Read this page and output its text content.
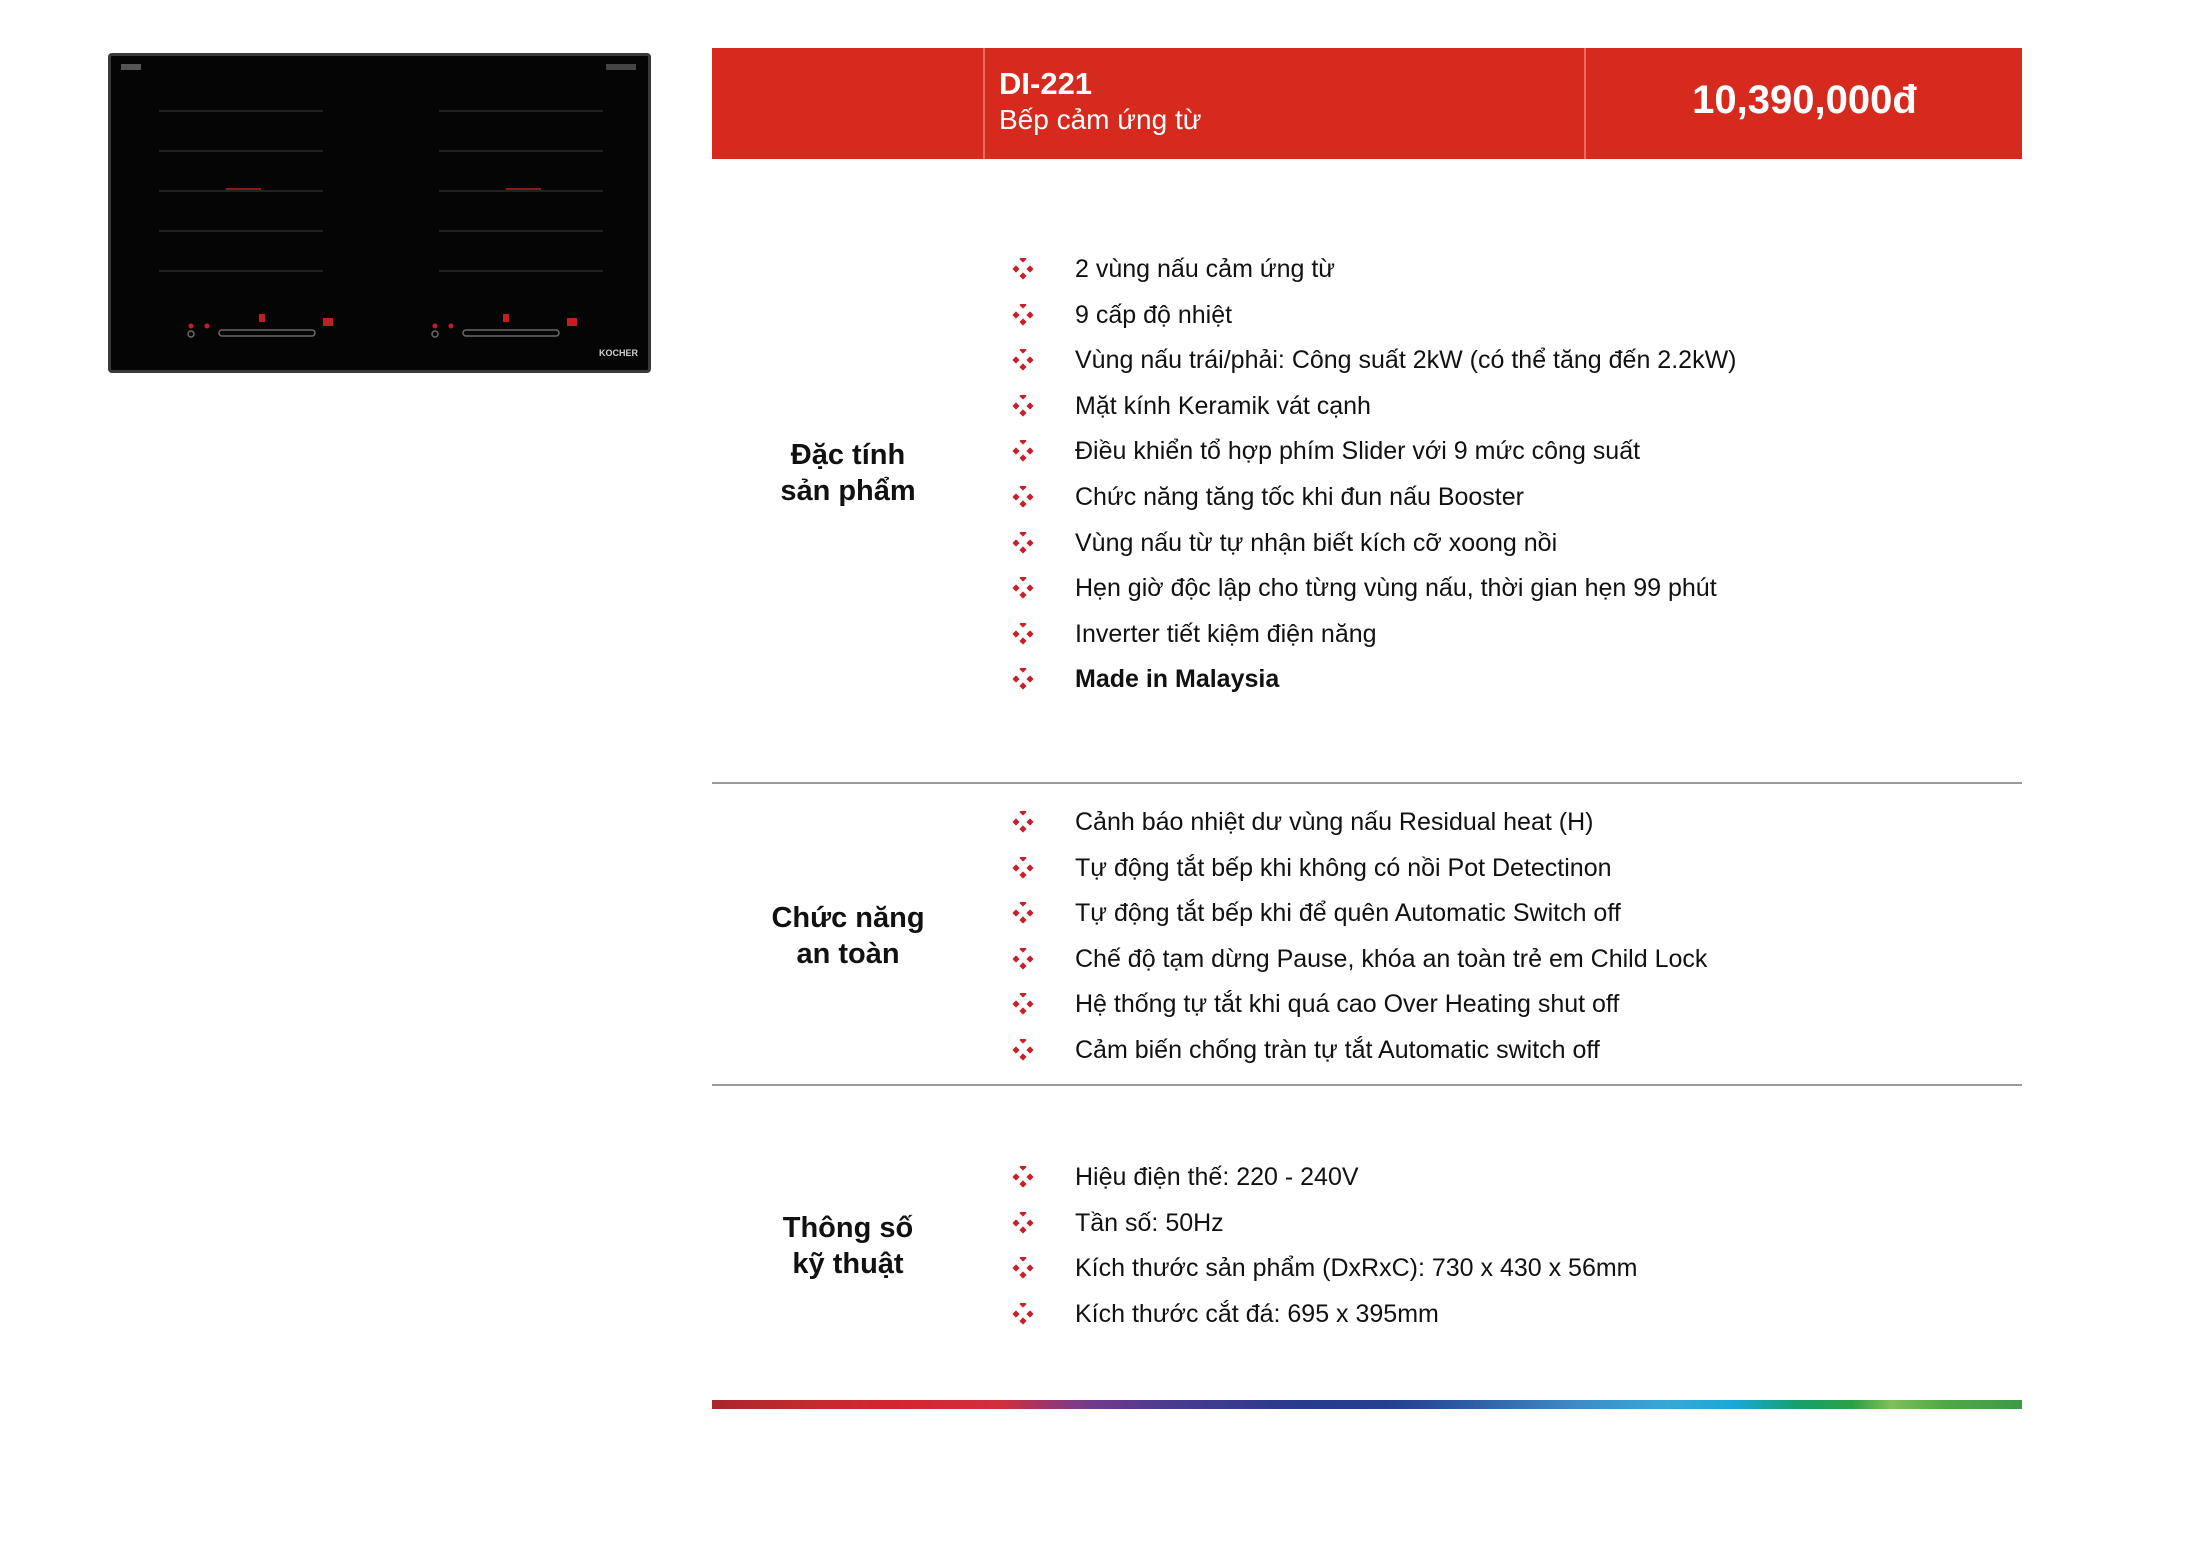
KOCHER
DI-221
Bếp cảm ứng từ	10,390,000đ
Đặc tính
sản phẩm
2 vùng nấu cảm ứng từ
9 cấp độ nhiệt
Vùng nấu trái/phải: Công suất 2kW (có thể tăng đến 2.2kW)
Mặt kính Keramik vát cạnh
Điều khiển tổ hợp phím Slider với 9 mức công suất
Chức năng tăng tốc khi đun nấu Booster
Vùng nấu từ tự nhận biết kích cỡ xoong nồi
Hẹn giờ độc lập cho từng vùng nấu, thời gian hẹn 99 phút
Inverter tiết kiệm điện năng
Made in Malaysia
Chức năng
an toàn
Cảnh báo nhiệt dư vùng nấu Residual heat (H)
Tự động tắt bếp khi không có nồi Pot Detectinon
Tự động tắt bếp khi để quên Automatic Switch off
Chế độ tạm dừng Pause, khóa an toàn trẻ em Child Lock
Hệ thống tự tắt khi quá cao Over Heating shut off
Cảm biến chống tràn tự tắt Automatic switch off
Thông số
kỹ thuật
Hiệu điện thế: 220 - 240V
Tần số: 50Hz
Kích thước sản phẩm (DxRxC): 730 x 430 x 56mm
Kích thước cắt đá: 695 x 395mm
